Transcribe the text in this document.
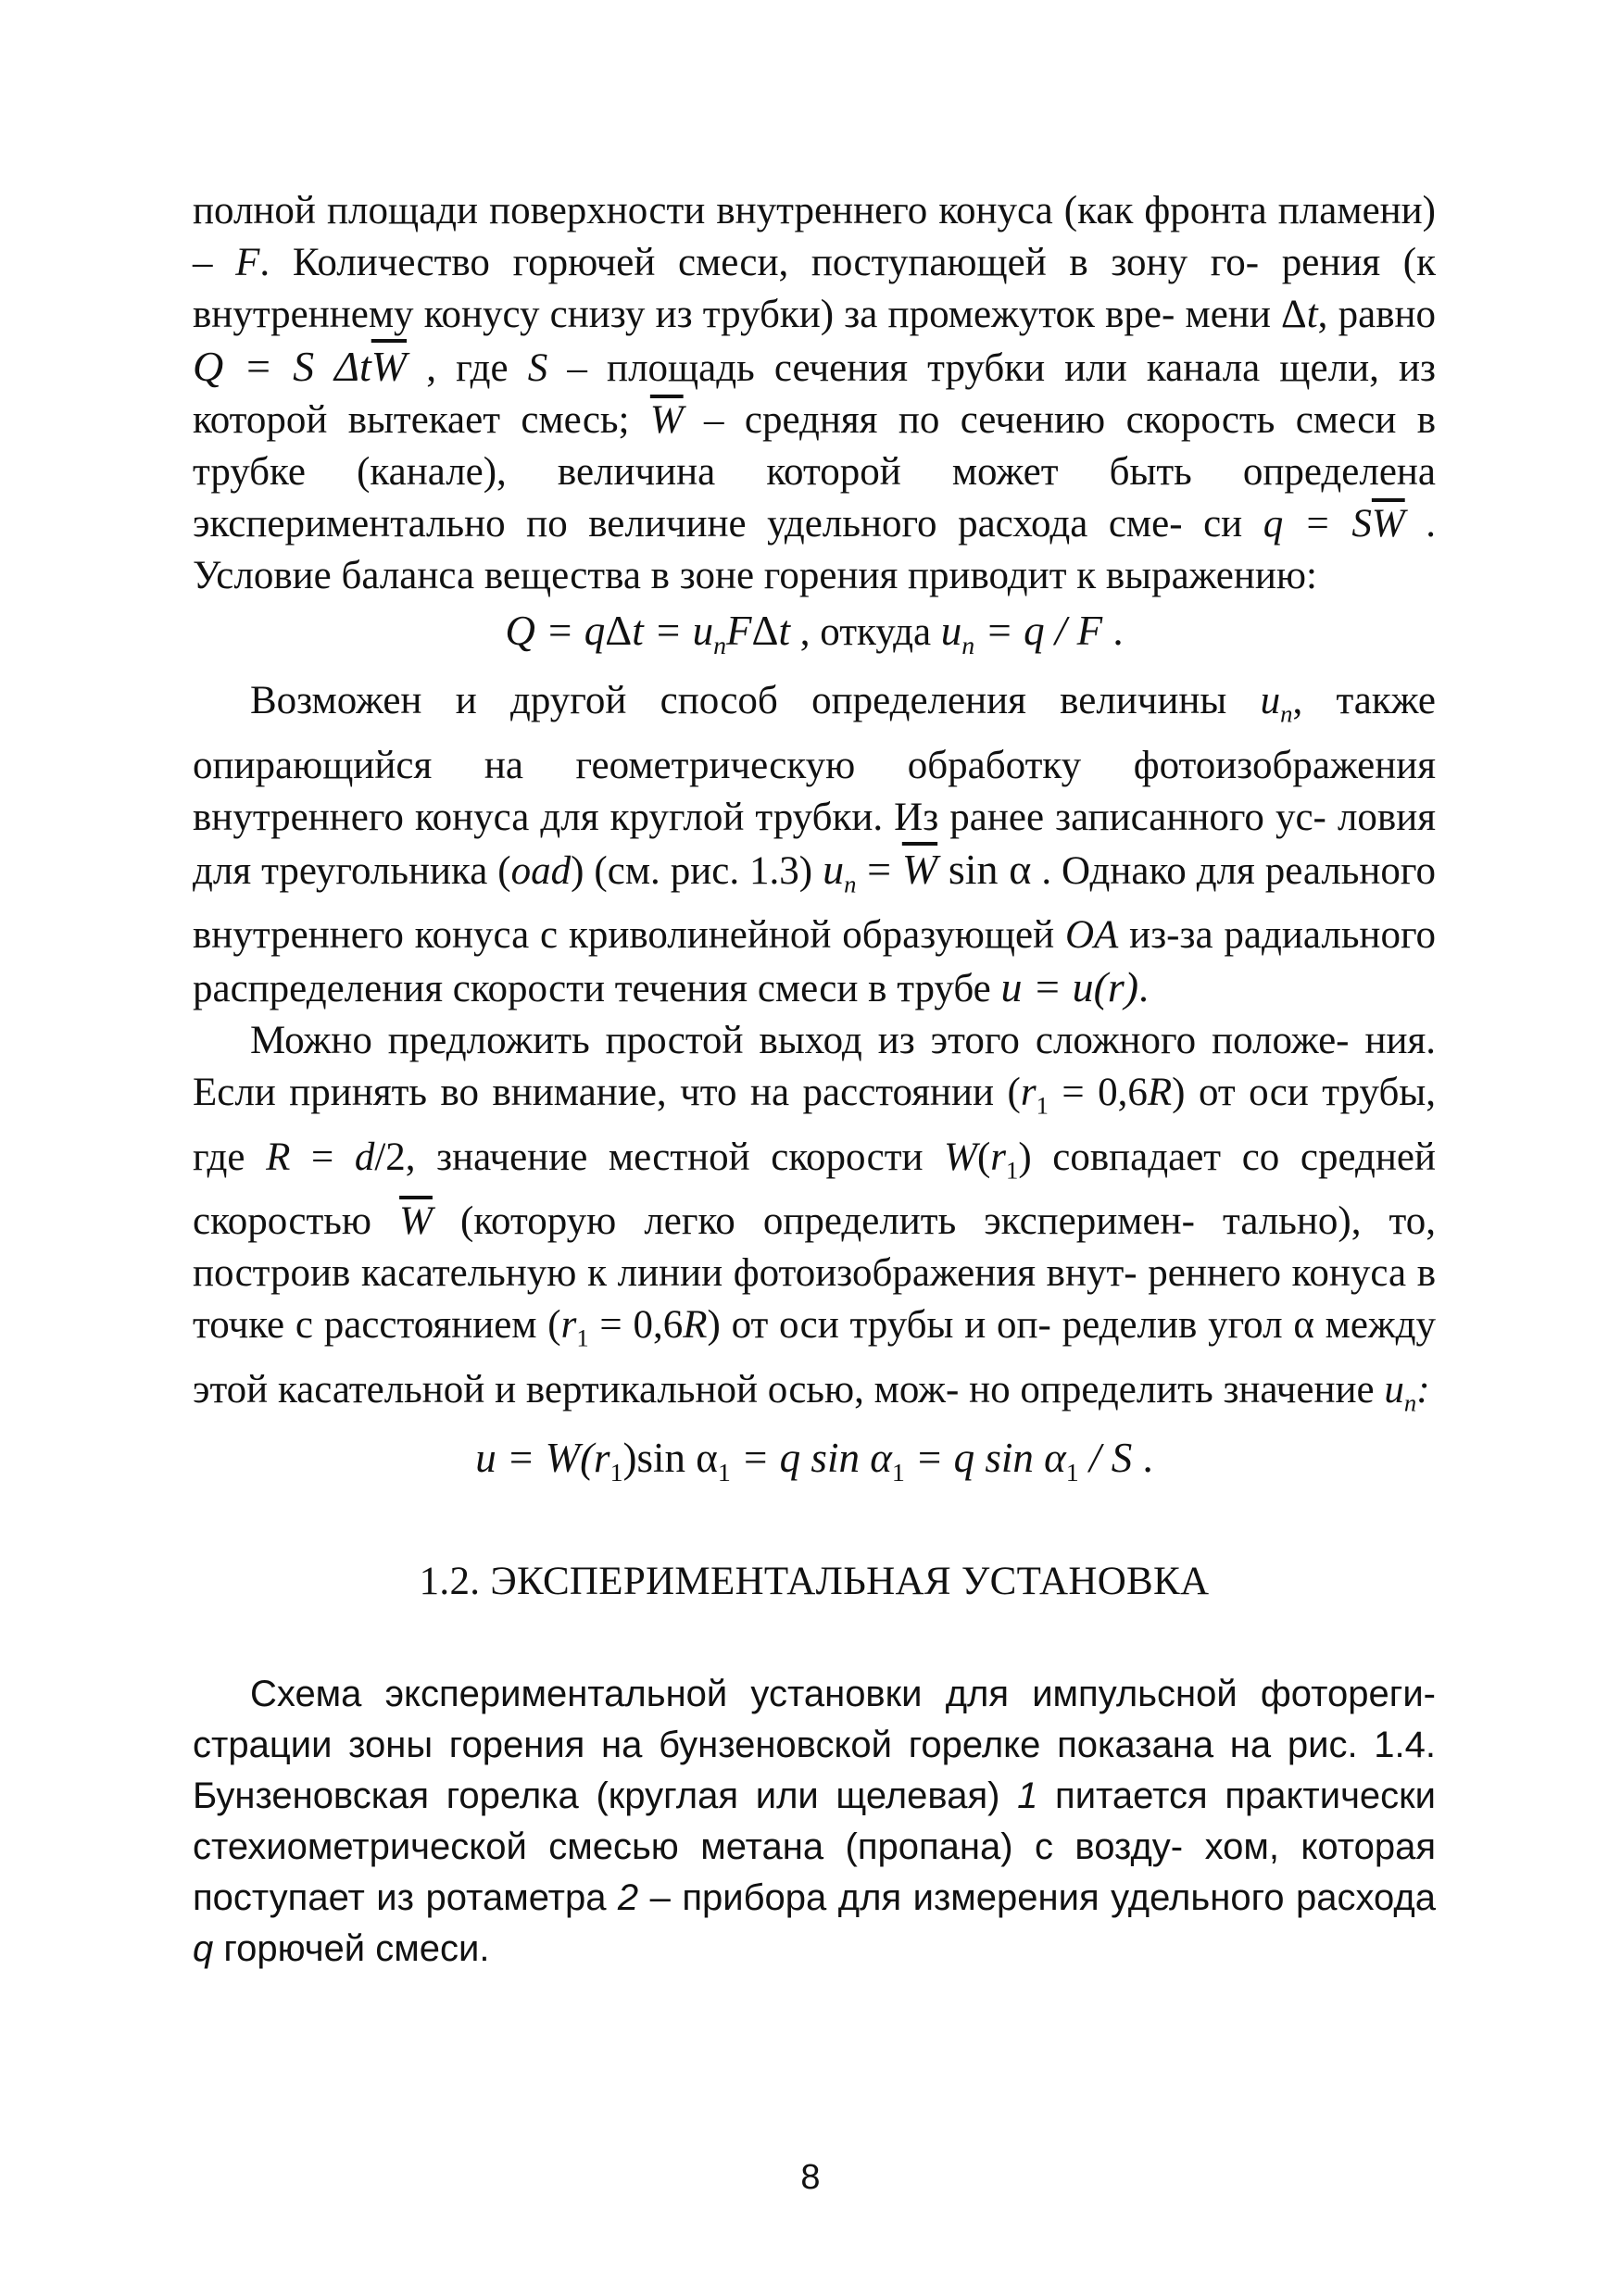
полной площади поверхности внутреннего конуса (как фронта пламени) – F. Количество горючей смеси, поступающей в зону го- рения (к внутреннему конусу снизу из трубки) за промежуток вре- мени Δt, равно Q = S $\Delta t\overline{W}$ , где S – площадь сечения трубки или канала щели, из которой вытекает смесь; $\overline{W}$ – средняя по сечению скорость смеси в трубке (канале), величина которой может быть определена экспериментально по величине удельного расхода сме- си $q = S\overline{W}$ . Условие баланса вещества в зоне горения приводит к выражению:

$Q = q\Delta t = u_nF\Delta t$ , откуда $u_n = q / F$ .

Возможен и другой способ определения величины $u_n$, также опирающийся на геометрическую обработку фотоизображения внутреннего конуса для круглой трубки. Из ранее записанного ус- ловия для треугольника (oad) (см. рис. 1.3) $u_n = \overline{W}$ sin α . Однако для реального внутреннего конуса с криволинейной образующей OA из-за радиального распределения скорости течения смеси в трубе u = u(r).

Можно предложить простой выход из этого сложного положе- ния. Если принять во внимание, что на расстоянии $(r_1 = 0,6R)$ от оси трубы, где R = d/2, значение местной скорости $W(r_1)$ совпадает со средней скоростью $\overline{W}$ (которую легко определить эксперимен- тально), то, построив касательную к линии фотоизображения внут- реннего конуса в точке с расстоянием $(r_1 = 0,6R)$ от оси трубы и оп- ределив угол α между этой касательной и вертикальной осью, мож- но определить значение $u_n$:

$u = W(r_1)\sin$ $\alpha_1 = q$ $\sin \alpha_1 = q$ $\sin \alpha_1$ / S .

1.2. ЭКСПЕРИМЕНТАЛЬНАЯ УСТАНОВКА

Схема экспериментальной установки для импульсной фотореги- страции зоны горения на бунзеновской горелке показана на рис. 1.4. Бунзеновская горелка (круглая или щелевая) 1 питается практически стехиометрической смесью метана (пропана) с возду- хом, которая поступает из ротаметра 2 – прибора для измерения удельного расхода q горючей смеси.

8
